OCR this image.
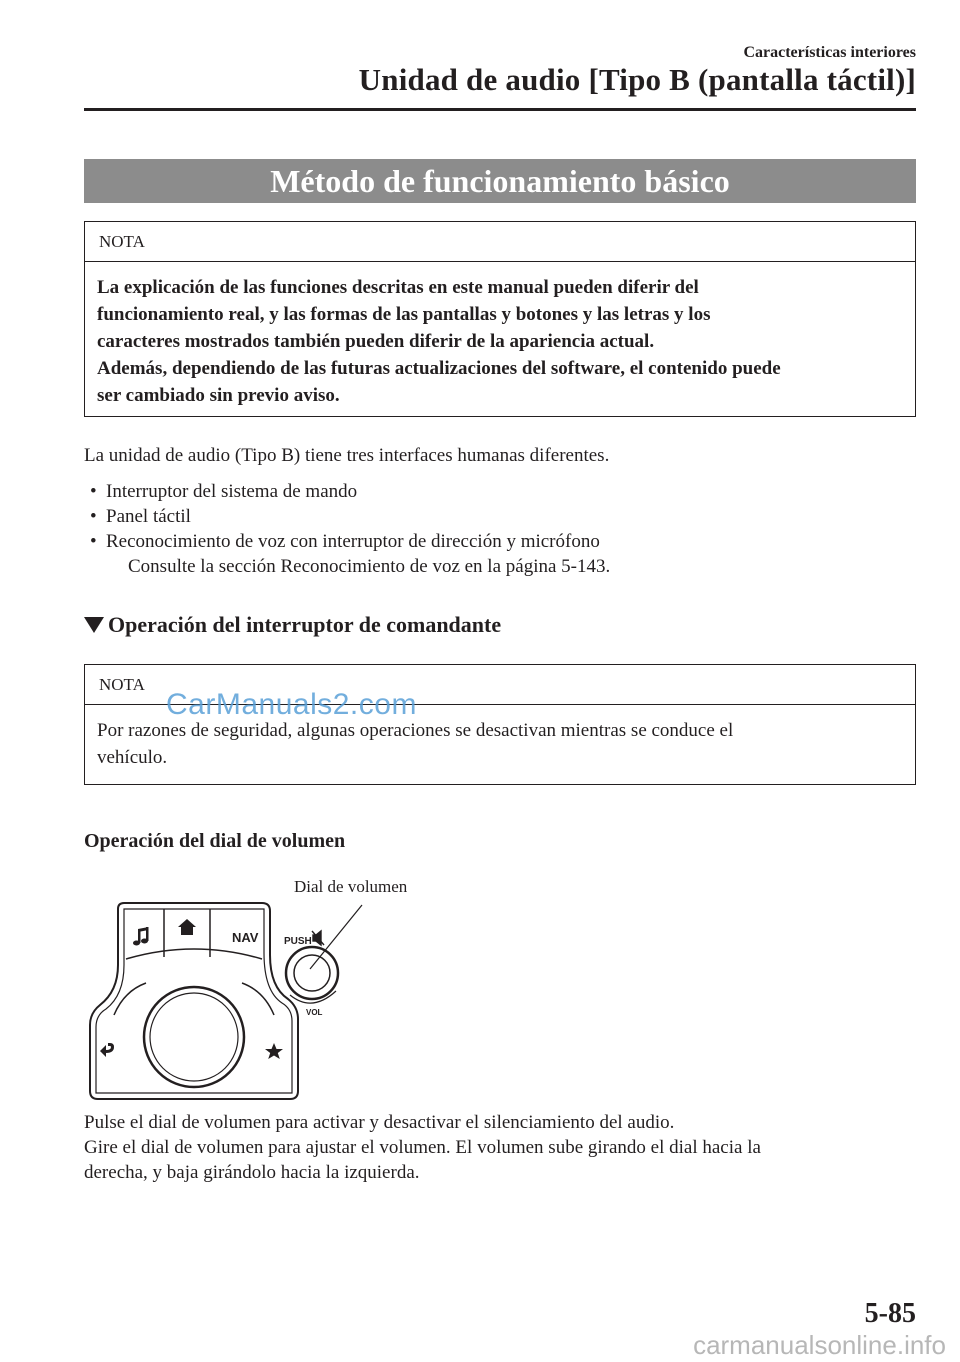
Características interiores
Unidad de audio [Tipo B (pantalla táctil)]
Método de funcionamiento básico
NOTA
La explicación de las funciones descritas en este manual pueden diferir del
funcionamiento real, y las formas de las pantallas y botones y las letras y los
caracteres mostrados también pueden diferir de la apariencia actual.
Además, dependiendo de las futuras actualizaciones del software, el contenido puede
ser cambiado sin previo aviso.
La unidad de audio (Tipo B) tiene tres interfaces humanas diferentes.
• Interruptor del sistema de mando
• Panel táctil
• Reconocimiento de voz con interruptor de dirección y micrófono
Consulte la sección Reconocimiento de voz en la página 5-143.
Operación del interruptor de comandante
NOTA
Por razones de seguridad, algunas operaciones se desactivan mientras se conduce el
vehículo.
CarManuals2.com
Operación del dial de volumen
Dial de volumen
NAV	PUSH
VOL
Pulse el dial de volumen para activar y desactivar el silenciamiento del audio.
Gire el dial de volumen para ajustar el volumen. El volumen sube girando el dial hacia la
derecha, y baja girándolo hacia la izquierda.
5-85
carmanualsonline.info
